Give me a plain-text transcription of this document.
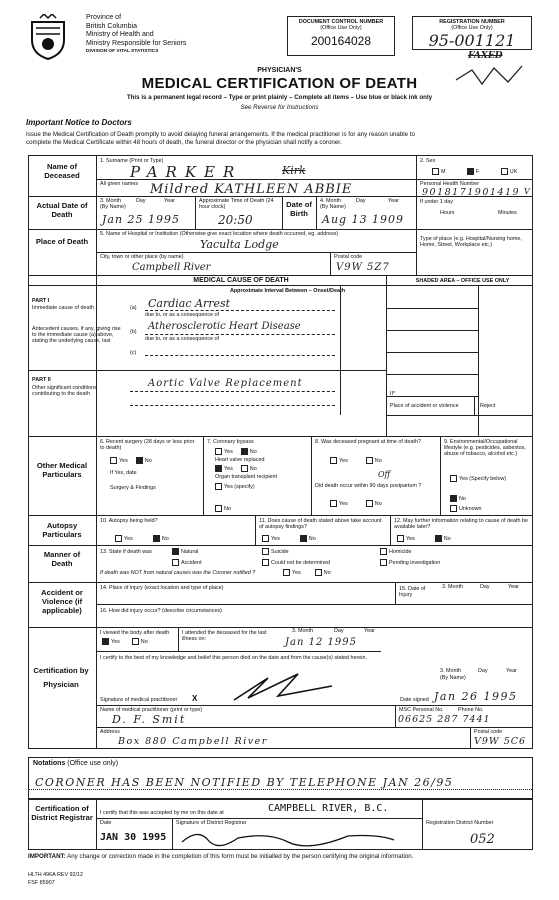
Province of
British Columbia
Ministry of Health and
Ministry Responsible for Seniors
DIVISION OF VITAL STATISTICS
DOCUMENT CONTROL NUMBER
(Office Use Only)
200164028
REGISTRATION NUMBER
(Office Use Only)
95-001121
FAXED
PHYSICIAN'S
MEDICAL CERTIFICATION OF DEATH
This is a permanent legal record – Type or print plainly – Complete all items – Use blue or black ink only
See Reverse for Instructions
Important Notice to Doctors
Issue the Medical Certification of Death promptly to avoid delaying funeral arrangements. If the medical practitioner is for any reason unable to
complete the Medical Certificate within 48 hours of death, the funeral director or the physician shall notify a coroner.
Name of Deceased
1. Surname (Print or Type)
PARKER	Kirk
All given names Mildred KATHLEEN ABBIE
2. Sex
M	F	UK
Personal Health Number
9018171901419 V
If under 1 day
Hours	Minutes
Actual Date of Death
3. Month	Day	Year
(By Name)
Jan 25 1995
Approximate Time of Death (24 hour clock)
20:50
Date of Birth
4. Month	Day	Year
(By Name)
Aug 13 1909
Place of Death
5. Name of Hospital or Institution (Otherwise give exact location where death occurred, eg. address)
Yaculta Lodge
City, town or other place (by name)
Campbell River
Postal code
V9W 5Z7
Type of place (e.g. Hospital/Nursing home, Home, Street, Workplace etc.)
MEDICAL CAUSE OF DEATH	SHADED AREA – OFFICE USE ONLY
Approximate Interval Between – Onset/Death
PART I
Immediate cause of death	(a) Cardiac Arrest
due to, or as a consequence of
Antecedent causes, if any, giving rise to the immediate cause (a) above, stating the underlying cause, last
(b) Atherosclerotic Heart Disease
due to, or as a consequence of
(c)
PART II
Other significant conditions contributing to the death
Aortic Valve Replacement
II*
Place of accident or violence	Reject
Other Medical Particulars
6. Recent surgery (28 days or less prior to death)
Yes	No
If Yes, date
Surgery & Findings
7. Coronary bypass
Yes	No
Heart valve replaced
Yes	No
Organ transplant recipient
Yes (specify)
No
8. Was deceased pregnant at time of death?
Yes	No
Off
Did death occur within 90 days postpartum ?
Yes	No
9. Environmental/Occupational lifestyle (e.g. pesticides, asbestos, abuse of tobacco, alcohol etc.)
Yes (Specify below)
No
Unknown
Autopsy Particulars
10. Autopsy being held?
Yes	No
11. Does cause of death stated above take account of autopsy findings?
Yes	No
12. May further information relating to cause of death be available later?
Yes	No
Manner of Death
13. State if death was	Natural	Suicide	Homicide
Accident	Could not be determined	Pending investigation
If death was NOT from natural causes was the Coroner notified ?	Yes	No
Accident or Violence (if applicable)
14. Place of injury (exact location and type of place)	15. Date of Injury
3. Month	Day	Year
16. How did injury occur? (describe circumstances)
Certification by Physician
I viewed the body after death
Yes	No
I attended the deceased for the last illness on:
3. Month	Day	Year
Jan 12 1995
I certify to the best of my knowledge and belief this person died on the date and from the cause(s) stated herein.
Signature of medical practitioner X
3. Month	Day	Year
(By Name)
Date signed Jan 26 1995
Name of medical practitioner (print or type)
D. F. Smit
MSC Personal No.	Phone No.
06625 287 7441
Address
Box 880 Campbell River
Postal code
V9W 5C6
Notations (Office use only)
CORONER HAS BEEN NOTIFIED BY TELEPHONE JAN 26/95
Certification of District Registrar I certify that this was accepted by me on this date at	CAMPBELL RIVER, B.C.
Date
JAN 30 1995
Signature of District Registrar	Registration District Number
052
IMPORTANT: Any change or correction made in the completion of this form must be initialled by the person certifying the original information.
HLTH 496A REV 92/12
FSF 85907
